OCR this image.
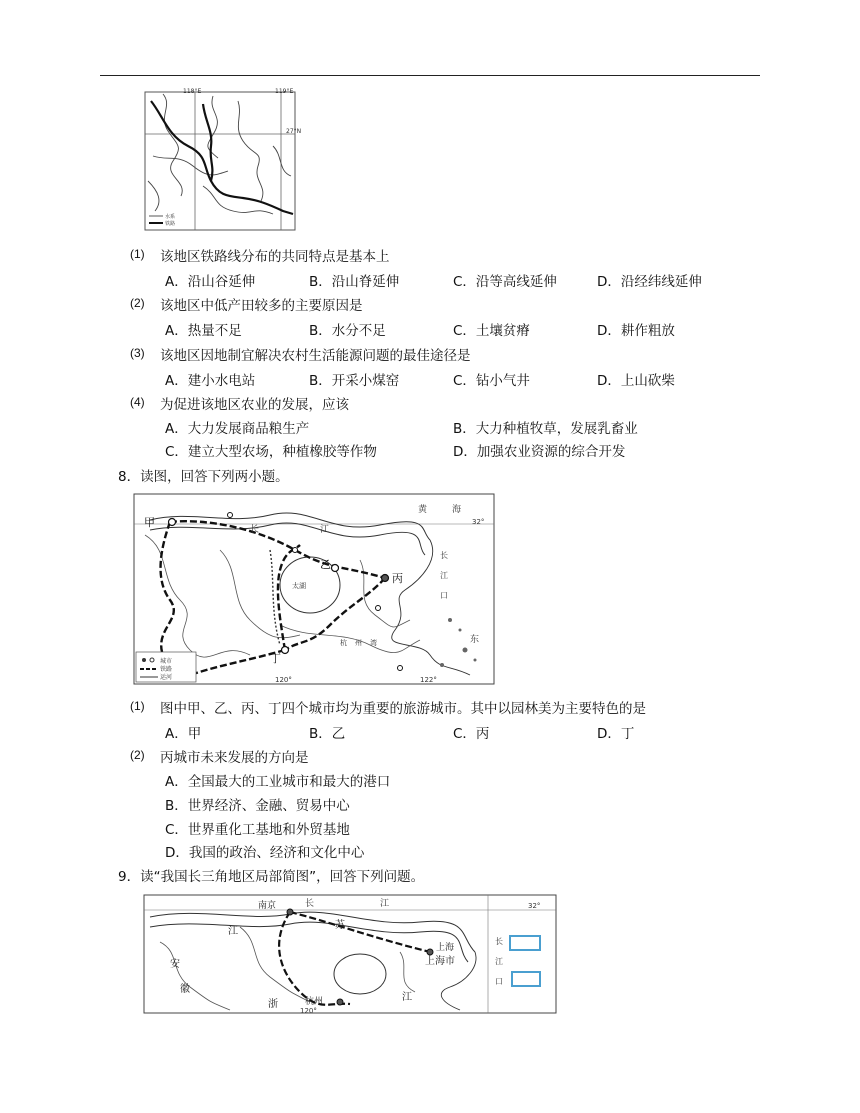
118°E	119°E
27°N
水系
铁路
(1) 该地区铁路线分布的共同特点是基本上
A．沿山谷延伸	B．沿山脊延伸	C．沿等高线延伸	D．沿经纬线延伸
(2) 该地区中低产田较多的主要原因是
A．热量不足	B．水分不足	C．土壤贫瘠	D．耕作粗放
(3) 该地区因地制宜解决农村生活能源问题的最佳途径是
A．建小水电站	B．开采小煤窑	C．钻小气井	D．上山砍柴
(4) 为促进该地区农业的发展，应该
A．大力发展商品粮生产	B．大力种植牧草，发展乳畜业
C．建立大型农场，种植橡胶等作物	D．加强农业资源的综合开发
8．读图，回答下列两小题。
甲
乙
丙
丁
长	江
黄	海
32°
太湖
杭州湾
长
江
口
东
120°	122°
城市
铁路
运河
(1) 图中甲、乙、丙、丁四个城市均为重要的旅游城市。其中以园林美为主要特色的是
A．甲	B．乙	C．丙	D．丁
(2) 丙城市未来发展的方向是
A．全国最大的工业城市和最大的港口
B．世界经济、金融、贸易中心
C．世界重化工基地和外贸基地
D．我国的政治、经济和文化中心
9．读“我国长三角地区局部简图”，回答下列问题。
南京	长	江
江
苏
安
徽
浙
江
杭州
上海
上海市
32°
120°
长
江
口
